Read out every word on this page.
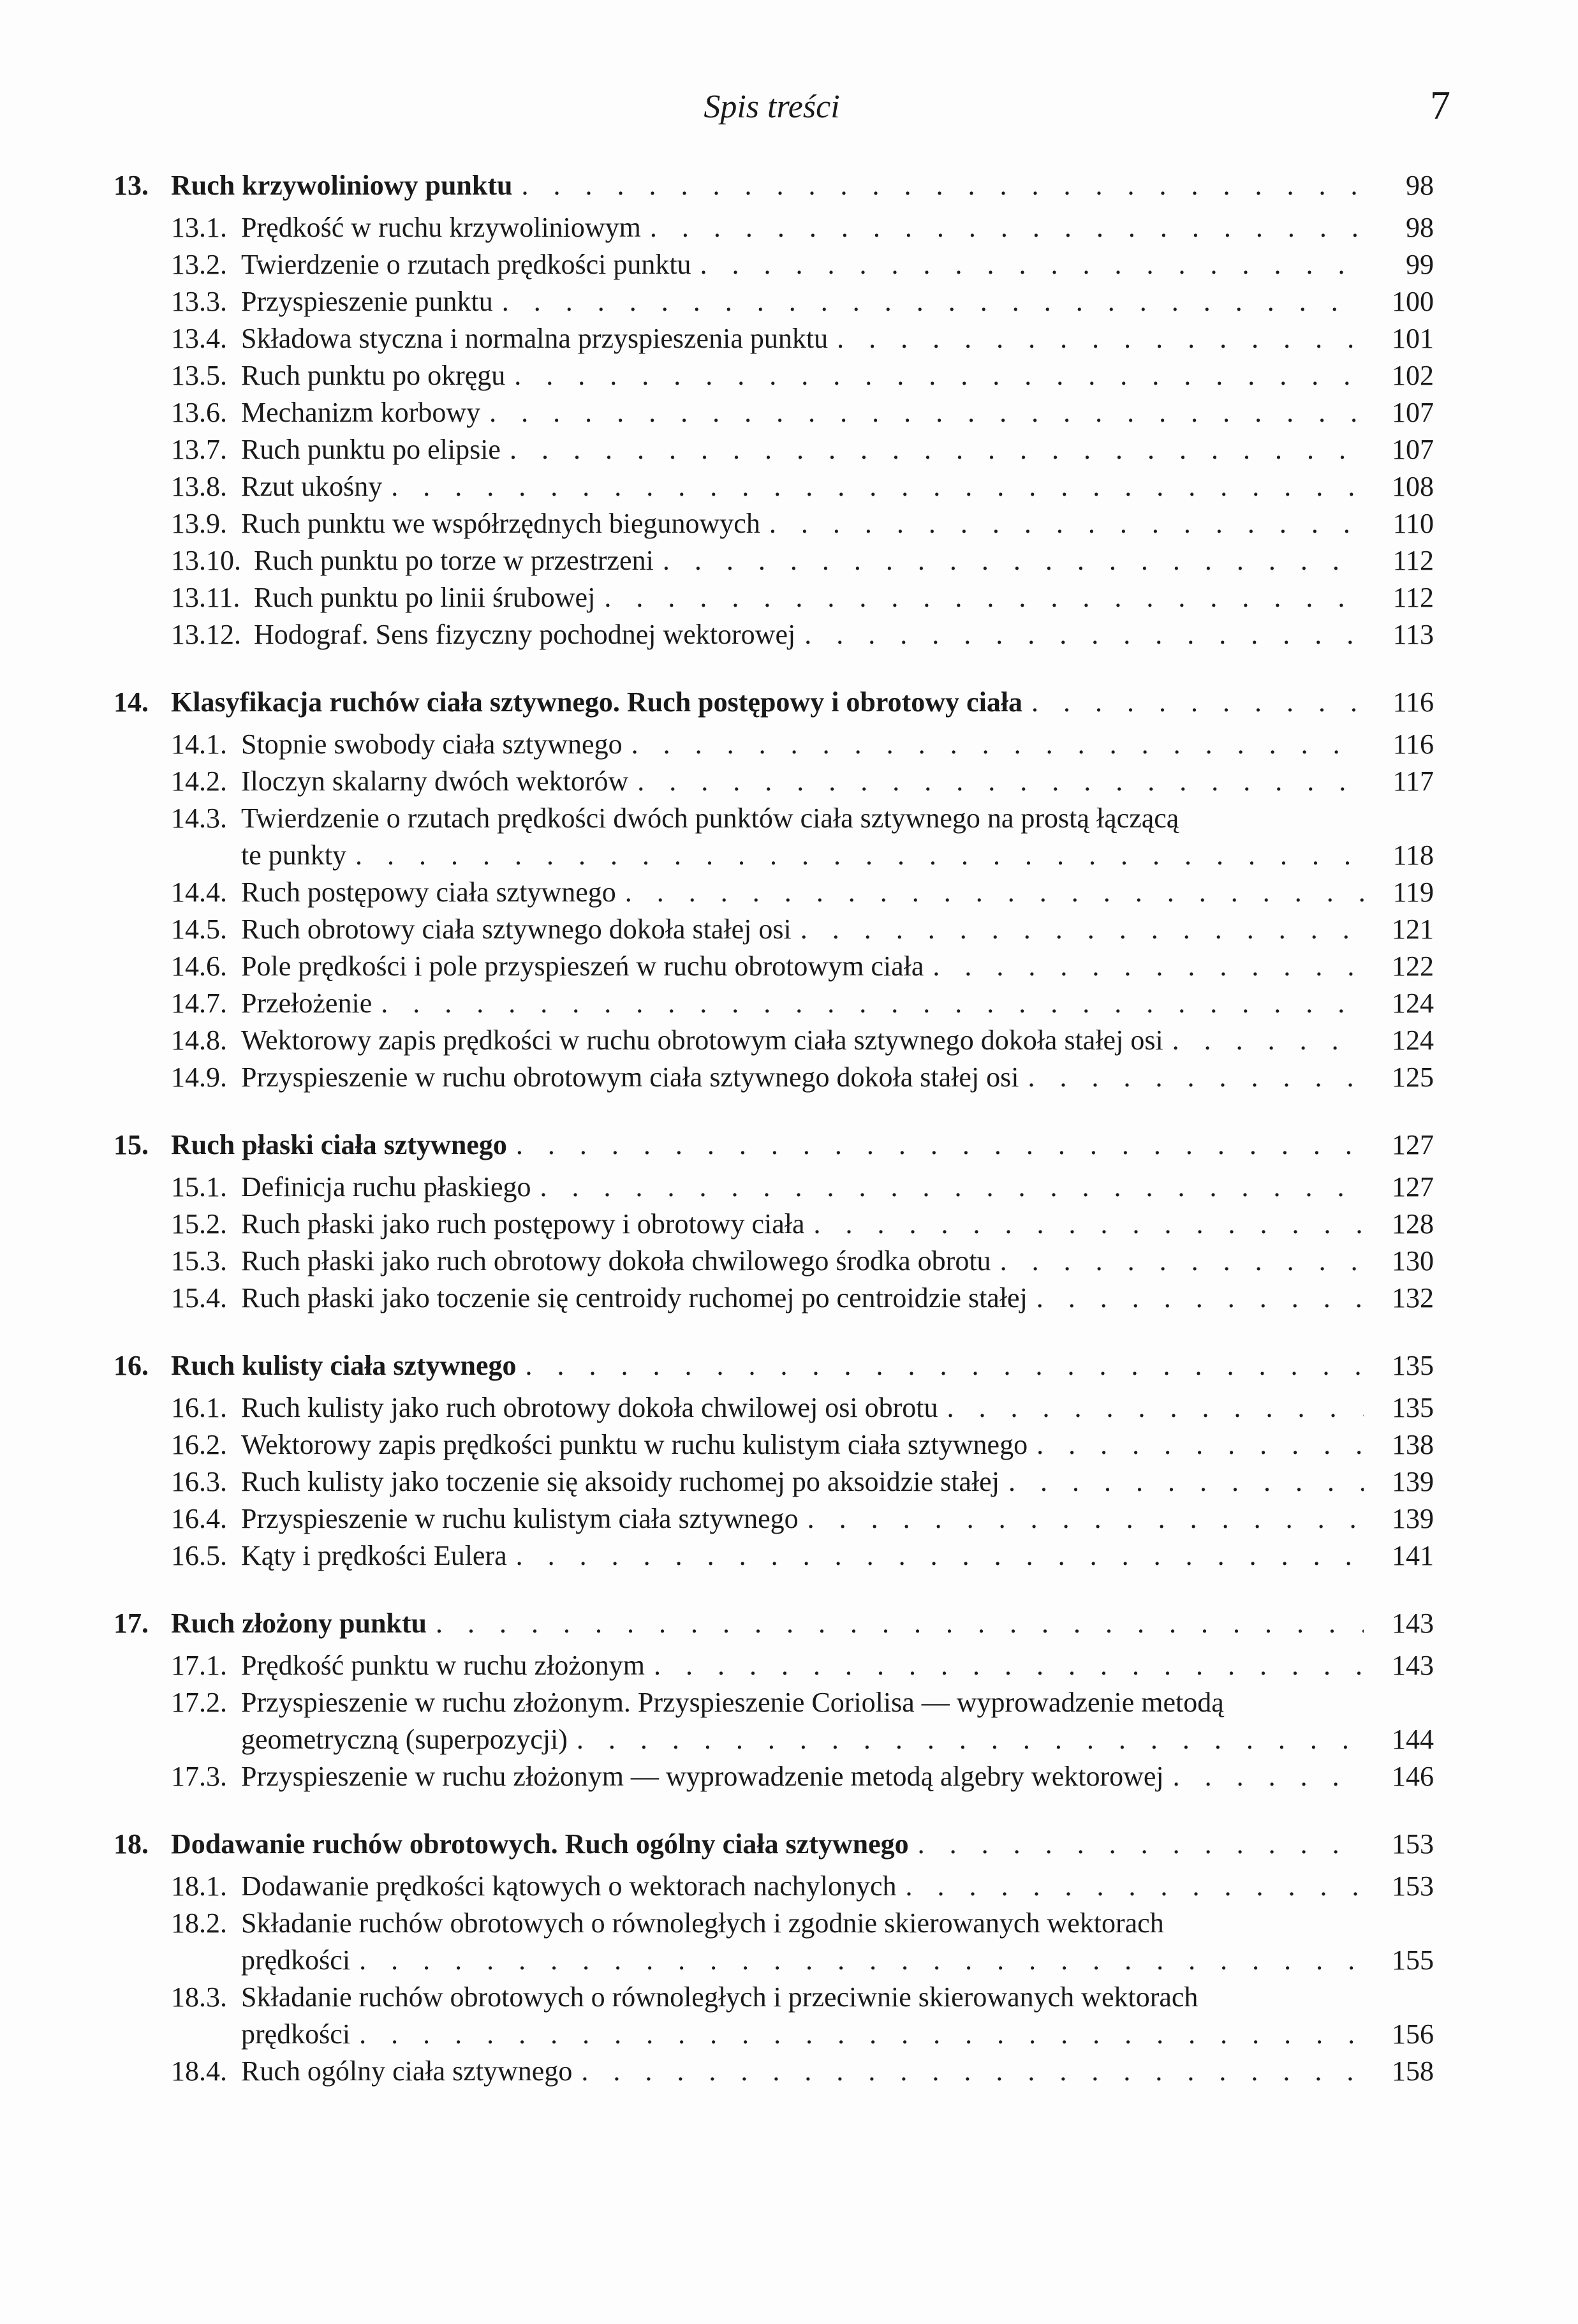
Spis treści	7
13. Ruch krzywoliniowy punktu . . .	98
13.1. Prędkość w ruchu krzywoliniowym . . .	98
13.2. Twierdzenie o rzutach prędkości punktu . . .	99
13.3. Przyspieszenie punktu . . .	100
13.4. Składowa styczna i normalna przyspieszenia punktu . . .	101
13.5. Ruch punktu po okręgu . . .	102
13.6. Mechanizm korbowy . . .	107
13.7. Ruch punktu po elipsie . . .	107
13.8. Rzut ukośny . . .	108
13.9. Ruch punktu we współrzędnych biegunowych . . .	110
13.10. Ruch punktu po torze w przestrzeni . . .	112
13.11. Ruch punktu po linii śrubowej . . .	112
13.12. Hodograf. Sens fizyczny pochodnej wektorowej . . .	113
14. Klasyfikacja ruchów ciała sztywnego. Ruch postępowy i obrotowy ciała . . .	116
14.1. Stopnie swobody ciała sztywnego . . .	116
14.2. Iloczyn skalarny dwóch wektorów . . .	117
14.3. Twierdzenie o rzutach prędkości dwóch punktów ciała sztywnego na prostą łączącą
te punkty . . .	118
14.4. Ruch postępowy ciała sztywnego . . .	119
14.5. Ruch obrotowy ciała sztywnego dokoła stałej osi . . .	121
14.6. Pole prędkości i pole przyspieszeń w ruchu obrotowym ciała . . .	122
14.7. Przełożenie . . .	124
14.8. Wektorowy zapis prędkości w ruchu obrotowym ciała sztywnego dokoła stałej osi . . .	124
14.9. Przyspieszenie w ruchu obrotowym ciała sztywnego dokoła stałej osi . . .	125
15. Ruch płaski ciała sztywnego . . .	127
15.1. Definicja ruchu płaskiego . . .	127
15.2. Ruch płaski jako ruch postępowy i obrotowy ciała . . .	128
15.3. Ruch płaski jako ruch obrotowy dokoła chwilowego środka obrotu . . .	130
15.4. Ruch płaski jako toczenie się centroidy ruchomej po centroidzie stałej . . .	132
16. Ruch kulisty ciała sztywnego . . .	135
16.1. Ruch kulisty jako ruch obrotowy dokoła chwilowej osi obrotu . . .	135
16.2. Wektorowy zapis prędkości punktu w ruchu kulistym ciała sztywnego . . .	138
16.3. Ruch kulisty jako toczenie się aksoidy ruchomej po aksoidzie stałej . . .	139
16.4. Przyspieszenie w ruchu kulistym ciała sztywnego . . .	139
16.5. Kąty i prędkości Eulera . . .	141
17. Ruch złożony punktu . . .	143
17.1. Prędkość punktu w ruchu złożonym . . .	143
17.2. Przyspieszenie w ruchu złożonym. Przyspieszenie Coriolisa — wyprowadzenie metodą
geometryczną (superpozycji) . . .	144
17.3. Przyspieszenie w ruchu złożonym — wyprowadzenie metodą algebry wektorowej . . .	146
18. Dodawanie ruchów obrotowych. Ruch ogólny ciała sztywnego . . .	153
18.1. Dodawanie prędkości kątowych o wektorach nachylonych . . .	153
18.2. Składanie ruchów obrotowych o równoległych i zgodnie skierowanych wektorach
prędkości . . .	155
18.3. Składanie ruchów obrotowych o równoległych i przeciwnie skierowanych wektorach
prędkości . . .	156
18.4. Ruch ogólny ciała sztywnego . . .	158
